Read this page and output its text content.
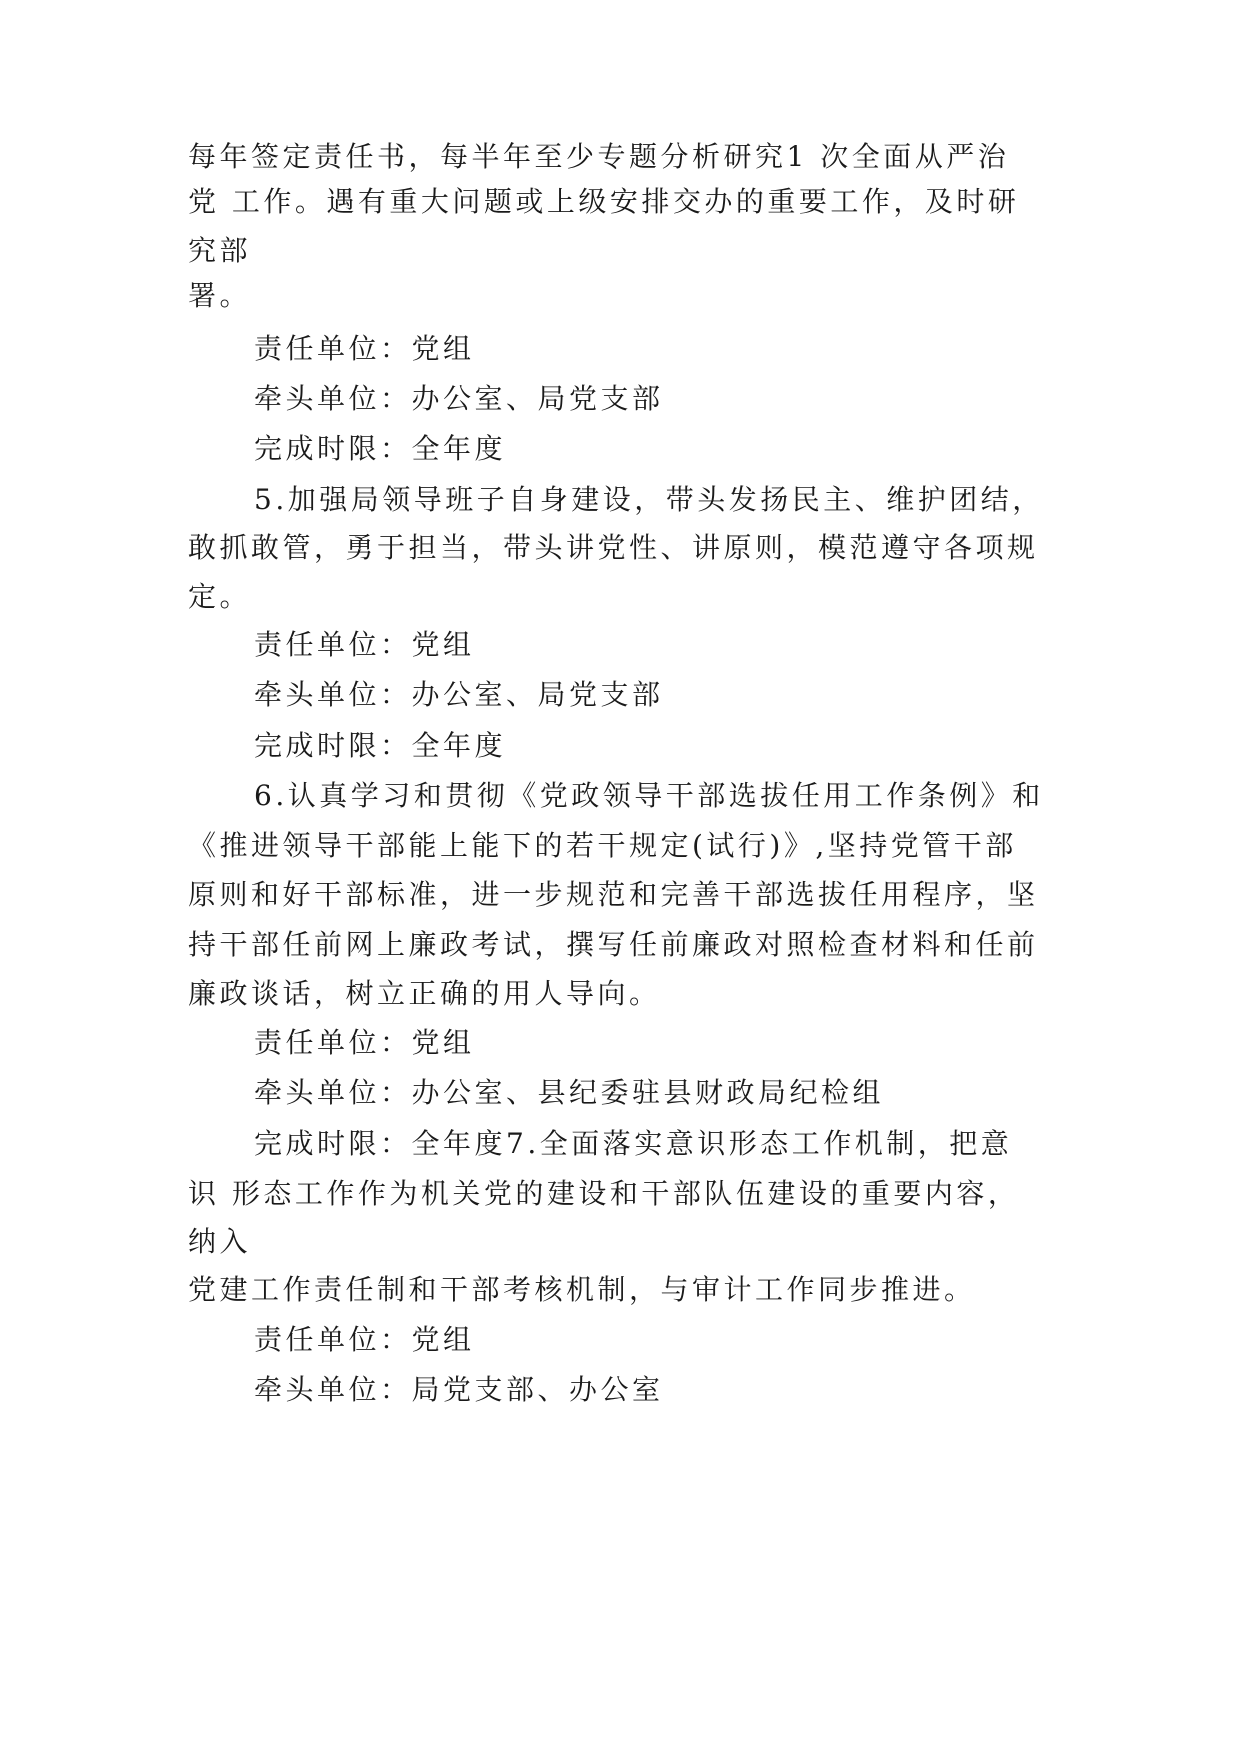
每年签定责任书，每半年至少专题分析研究1 次全面从严治
党 工作。遇有重大问题或上级安排交办的重要工作，及时研
究部
署。
责任单位：党组
牵头单位：办公室、局党支部
完成时限：全年度
5.加强局领导班子自身建设，带头发扬民主、维护团结，
敢抓敢管，勇于担当，带头讲党性、讲原则，模范遵守各项规
定。
责任单位：党组
牵头单位：办公室、局党支部
完成时限：全年度
6.认真学习和贯彻《党政领导干部选拔任用工作条例》和
《推进领导干部能上能下的若干规定(试行)》,坚持党管干部
原则和好干部标准，进一步规范和完善干部选拔任用程序，坚
持干部任前网上廉政考试，撰写任前廉政对照检查材料和任前
廉政谈话，树立正确的用人导向。
责任单位：党组
牵头单位：办公室、县纪委驻县财政局纪检组
完成时限：全年度7.全面落实意识形态工作机制，把意
识 形态工作作为机关党的建设和干部队伍建设的重要内容，
纳入
党建工作责任制和干部考核机制，与审计工作同步推进。
责任单位：党组
牵头单位：局党支部、办公室
